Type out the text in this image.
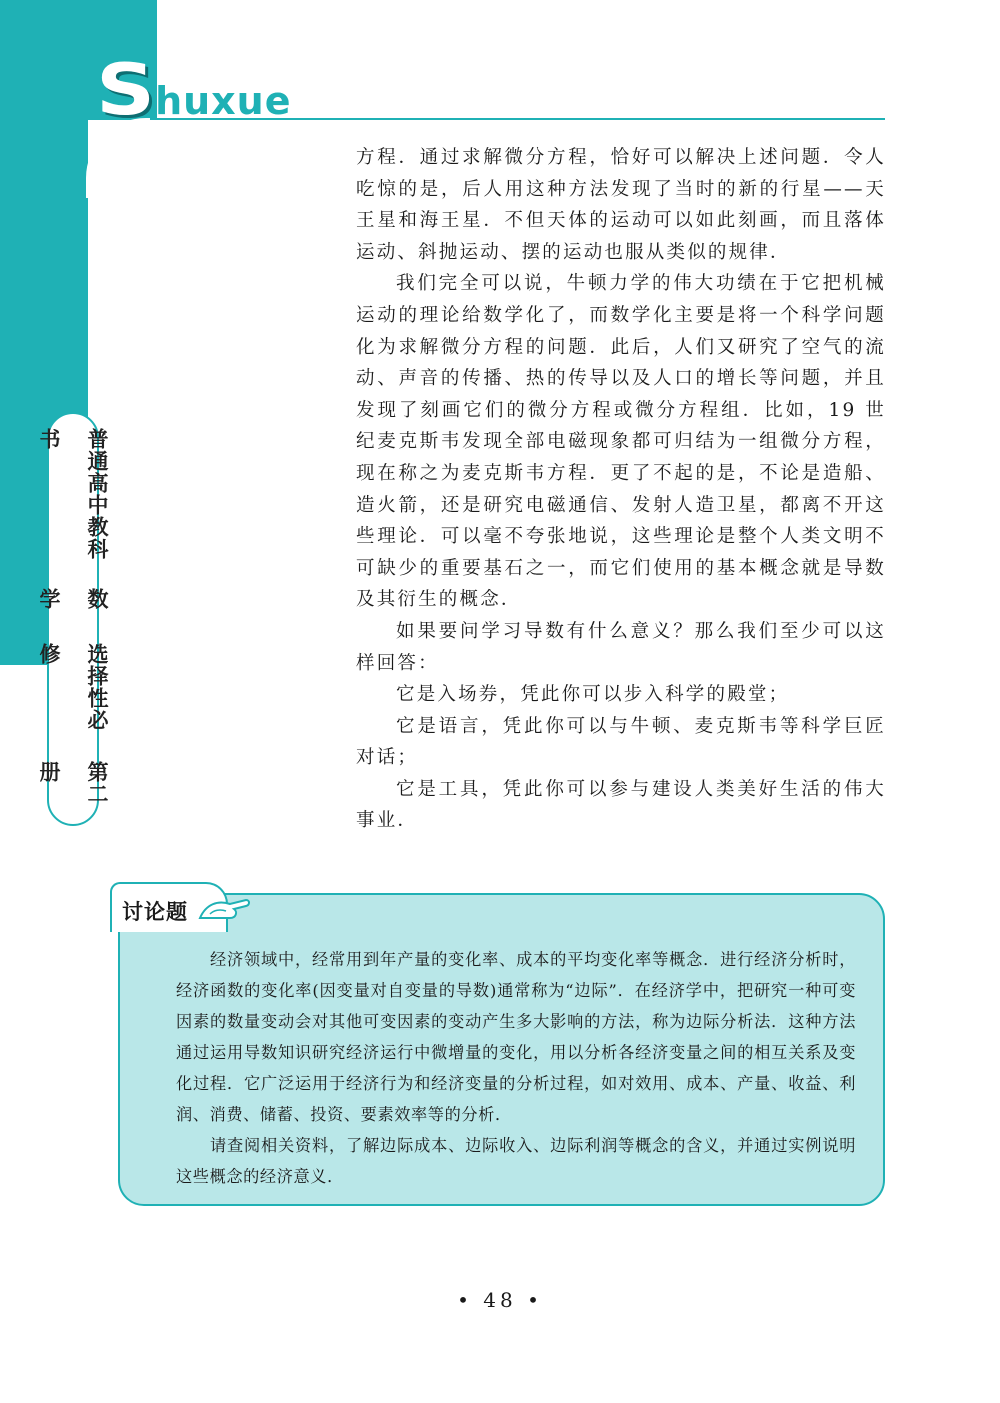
Shuxue
普通高中教科书
数学
选择性必修
第二册

方程．通过求解微分方程，恰好可以解决上述问题．令人吃惊的是，后人用这种方法发现了当时的新的行星——天王星和海王星．不但天体的运动可以如此刻画，而且落体运动、斜抛运动、摆的运动也服从类似的规律．

我们完全可以说，牛顿力学的伟大功绩在于它把机械运动的理论给数学化了，而数学化主要是将一个科学问题化为求解微分方程的问题．此后，人们又研究了空气的流动、声音的传播、热的传导以及人口的增长等问题，并且发现了刻画它们的微分方程或微分方程组．比如，19 世纪麦克斯韦发现全部电磁现象都可归结为一组微分方程，现在称之为麦克斯韦方程．更了不起的是，不论是造船、造火箭，还是研究电磁通信、发射人造卫星，都离不开这些理论．可以毫不夸张地说，这些理论是整个人类文明不可缺少的重要基石之一，而它们使用的基本概念就是导数及其衍生的概念．

如果要问学习导数有什么意义？那么我们至少可以这样回答：

它是入场券，凭此你可以步入科学的殿堂；

它是语言，凭此你可以与牛顿、麦克斯韦等科学巨匠对话；

它是工具，凭此你可以参与建设人类美好生活的伟大事业．

讨论题

经济领域中，经常用到年产量的变化率、成本的平均变化率等概念．进行经济分析时，经济函数的变化率(因变量对自变量的导数)通常称为“边际”．在经济学中，把研究一种可变因素的数量变动会对其他可变因素的变动产生多大影响的方法，称为边际分析法．这种方法通过运用导数知识研究经济运行中微增量的变化，用以分析各经济变量之间的相互关系及变化过程．它广泛运用于经济行为和经济变量的分析过程，如对效用、成本、产量、收益、利润、消费、储蓄、投资、要素效率等的分析．

请查阅相关资料，了解边际成本、边际收入、边际利润等概念的含义，并通过实例说明这些概念的经济意义．

• 48 •
